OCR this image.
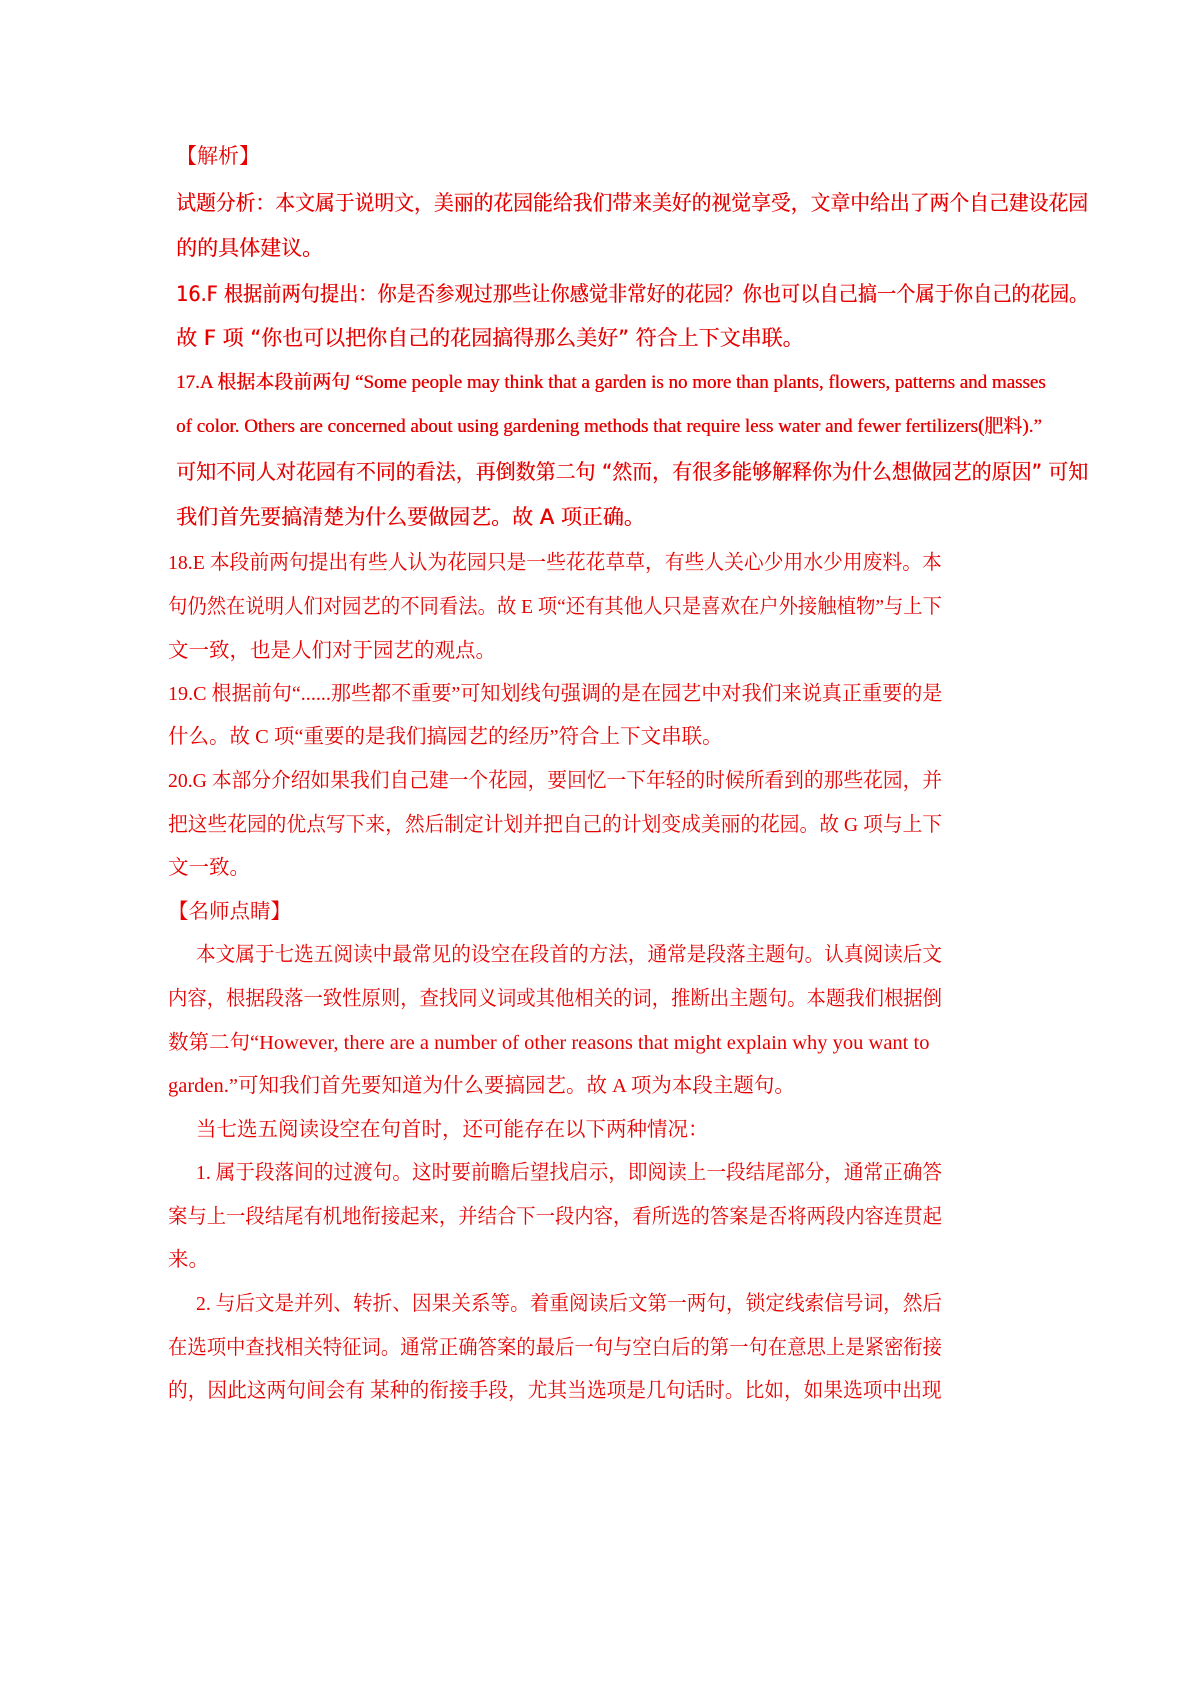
【解析】
试题分析：本文属于说明文，美丽的花园能给我们带来美好的视觉享受，文章中给出了两个自己建设花园
的的具体建议。
16.F 根据前两句提出：你是否参观过那些让你感觉非常好的花园？你也可以自己搞一个属于你自己的花园。
故 F 项 “你也可以把你自己的花园搞得那么美好” 符合上下文串联。
17.A 根据本段前两句 “Some people may think that a garden is no more than plants, flowers, patterns and masses
of color. Others are concerned about using gardening methods that require less water and fewer fertilizers(肥料).”
可知不同人对花园有不同的看法，再倒数第二句 “然而，有很多能够解释你为什么想做园艺的原因” 可知
我们首先要搞清楚为什么要做园艺。故 A 项正确。
18.E 本段前两句提出有些人认为花园只是一些花花草草，有些人关心少用水少用废料。本
句仍然在说明人们对园艺的不同看法。故 E 项“还有其他人只是喜欢在户外接触植物”与上下
文一致，也是人们对于园艺的观点。
19.C 根据前句“......那些都不重要”可知划线句强调的是在园艺中对我们来说真正重要的是
什么。故 C 项“重要的是我们搞园艺的经历”符合上下文串联。
20.G 本部分介绍如果我们自己建一个花园，要回忆一下年轻的时候所看到的那些花园，并
把这些花园的优点写下来，然后制定计划并把自己的计划变成美丽的花园。故 G 项与上下
文一致。
【名师点睛】
本文属于七选五阅读中最常见的设空在段首的方法，通常是段落主题句。认真阅读后文
内容，根据段落一致性原则，查找同义词或其他相关的词，推断出主题句。本题我们根据倒
数第二句“However, there are a number of other reasons that might explain why you want to
garden.”可知我们首先要知道为什么要搞园艺。故 A 项为本段主题句。
当七选五阅读设空在句首时，还可能存在以下两种情况：
1. 属于段落间的过渡句。这时要前瞻后望找启示，即阅读上一段结尾部分，通常正确答
案与上一段结尾有机地衔接起来，并结合下一段内容，看所选的答案是否将两段内容连贯起
来。
2. 与后文是并列、转折、因果关系等。着重阅读后文第一两句，锁定线索信号词，然后
在选项中查找相关特征词。通常正确答案的最后一句与空白后的第一句在意思上是紧密衔接
的，因此这两句间会有 某种的衔接手段，尤其当选项是几句话时。比如，如果选项中出现
